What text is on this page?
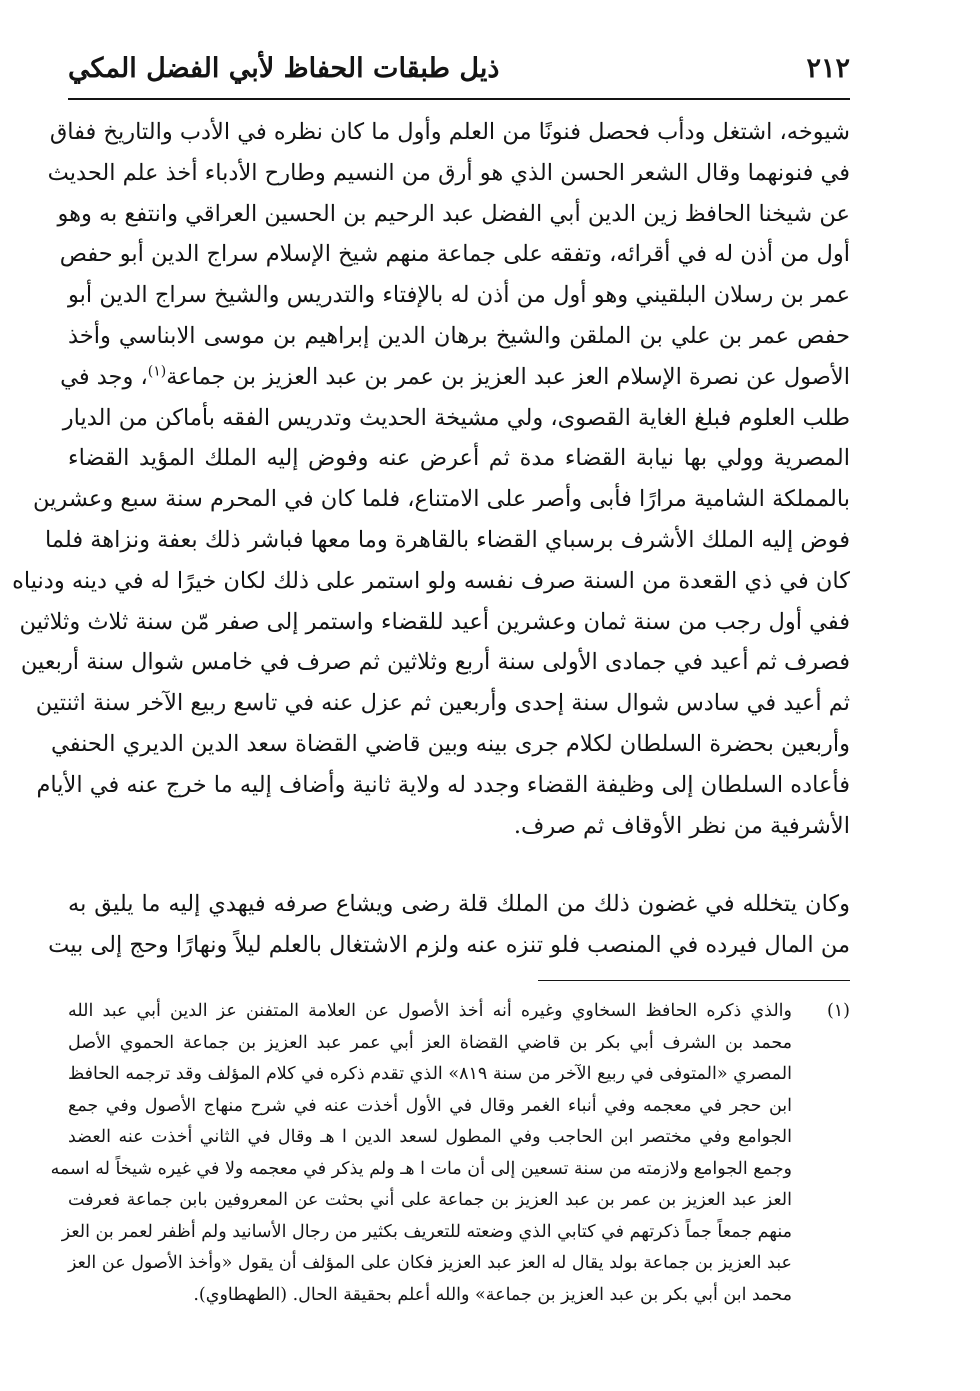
٢١٢
ذيل طبقات الحفاظ لأبي الفضل المكي
شيوخه، اشتغل ودأب فحصل فنونًا من العلم وأول ما كان نظره في الأدب والتاريخ ففاق
في فنونهما وقال الشعر الحسن الذي هو أرق من النسيم وطارح الأدباء أخذ علم الحديث
عن شيخنا الحافظ زين الدين أبي الفضل عبد الرحيم بن الحسين العراقي وانتفع به وهو
أول من أذن له في أقرائه، وتفقه على جماعة منهم شيخ الإسلام سراج الدين أبو حفص
عمر بن رسلان البلقيني وهو أول من أذن له بالإفتاء والتدريس والشيخ سراج الدين أبو
حفص عمر بن علي بن الملقن والشيخ برهان الدين إبراهيم بن موسى الابناسي وأخذ
الأصول عن نصرة الإسلام العز عبد العزيز بن عمر بن عبد العزيز بن جماعة$^{(١)}$، وجد في
طلب العلوم فبلغ الغاية القصوى، ولي مشيخة الحديث وتدريس الفقه بأماكن من الديار
المصرية وولي بها نيابة القضاء مدة ثم أعرض عنه وفوض إليه الملك المؤيد القضاء
بالمملكة الشامية مرارًا فأبى وأصر على الامتناع، فلما كان في المحرم سنة سبع وعشرين
فوض إليه الملك الأشرف برسباي القضاء بالقاهرة وما معها فباشر ذلك بعفة ونزاهة فلما
كان في ذي القعدة من السنة صرف نفسه ولو استمر على ذلك لكان خيرًا له في دينه ودنياه
ففي أول رجب من سنة ثمان وعشرين أعيد للقضاء واستمر إلى صفر مّن سنة ثلاث وثلاثين
فصرف ثم أعيد في جمادى الأولى سنة أربع وثلاثين ثم صرف في خامس شوال سنة أربعين
ثم أعيد في سادس شوال سنة إحدى وأربعين ثم عزل عنه في تاسع ربيع الآخر سنة اثنتين
وأربعين بحضرة السلطان لكلام جرى بينه وبين قاضي القضاة سعد الدين الديري الحنفي
فأعاده السلطان إلى وظيفة القضاء وجدد له ولاية ثانية وأضاف إليه ما خرج عنه في الأيام
الأشرفية من نظر الأوقاف ثم صرف.
وكان يتخلله في غضون ذلك من الملك قلة رضى ويشاع صرفه فيهدي إليه ما يليق به
من المال فيرده في المنصب فلو تنزه عنه ولزم الاشتغال بالعلم ليلاً ونهارًا وحج إلى بيت
(١)
والذي ذكره الحافظ السخاوي وغيره أنه أخذ الأصول عن العلامة المتفنن عز الدين أبي عبد الله
محمد بن الشرف أبي بكر بن قاضي القضاة العز أبي عمر عبد العزيز بن جماعة الحموي الأصل
المصري «المتوفى في ربيع الآخر من سنة ٨١٩» الذي تقدم ذكره في كلام المؤلف وقد ترجمه الحافظ
ابن حجر في معجمه وفي أنباء الغمر وقال في الأول أخذت عنه في شرح منهاج الأصول وفي جمع
الجوامع وفي مختصر ابن الحاجب وفي المطول لسعد الدين ا هـ وقال في الثاني أخذت عنه العضد
وجمع الجوامع ولازمته من سنة تسعين إلى أن مات ا هـ ولم يذكر في معجمه ولا في غيره شيخاً له اسمه
العز عبد العزيز بن عمر بن عبد العزيز بن جماعة على أني بحثت عن المعروفين بابن جماعة فعرفت
منهم جمعاً جماً ذكرتهم في كتابي الذي وضعته للتعريف بكثير من رجال الأسانيد ولم أظفر لعمر بن العز
عبد العزيز بن جماعة بولد يقال له العز عبد العزيز فكان على المؤلف أن يقول «وأخذ الأصول عن العز
محمد ابن أبي بكر بن عبد العزيز بن جماعة» والله أعلم بحقيقة الحال. (الطهطاوي).
